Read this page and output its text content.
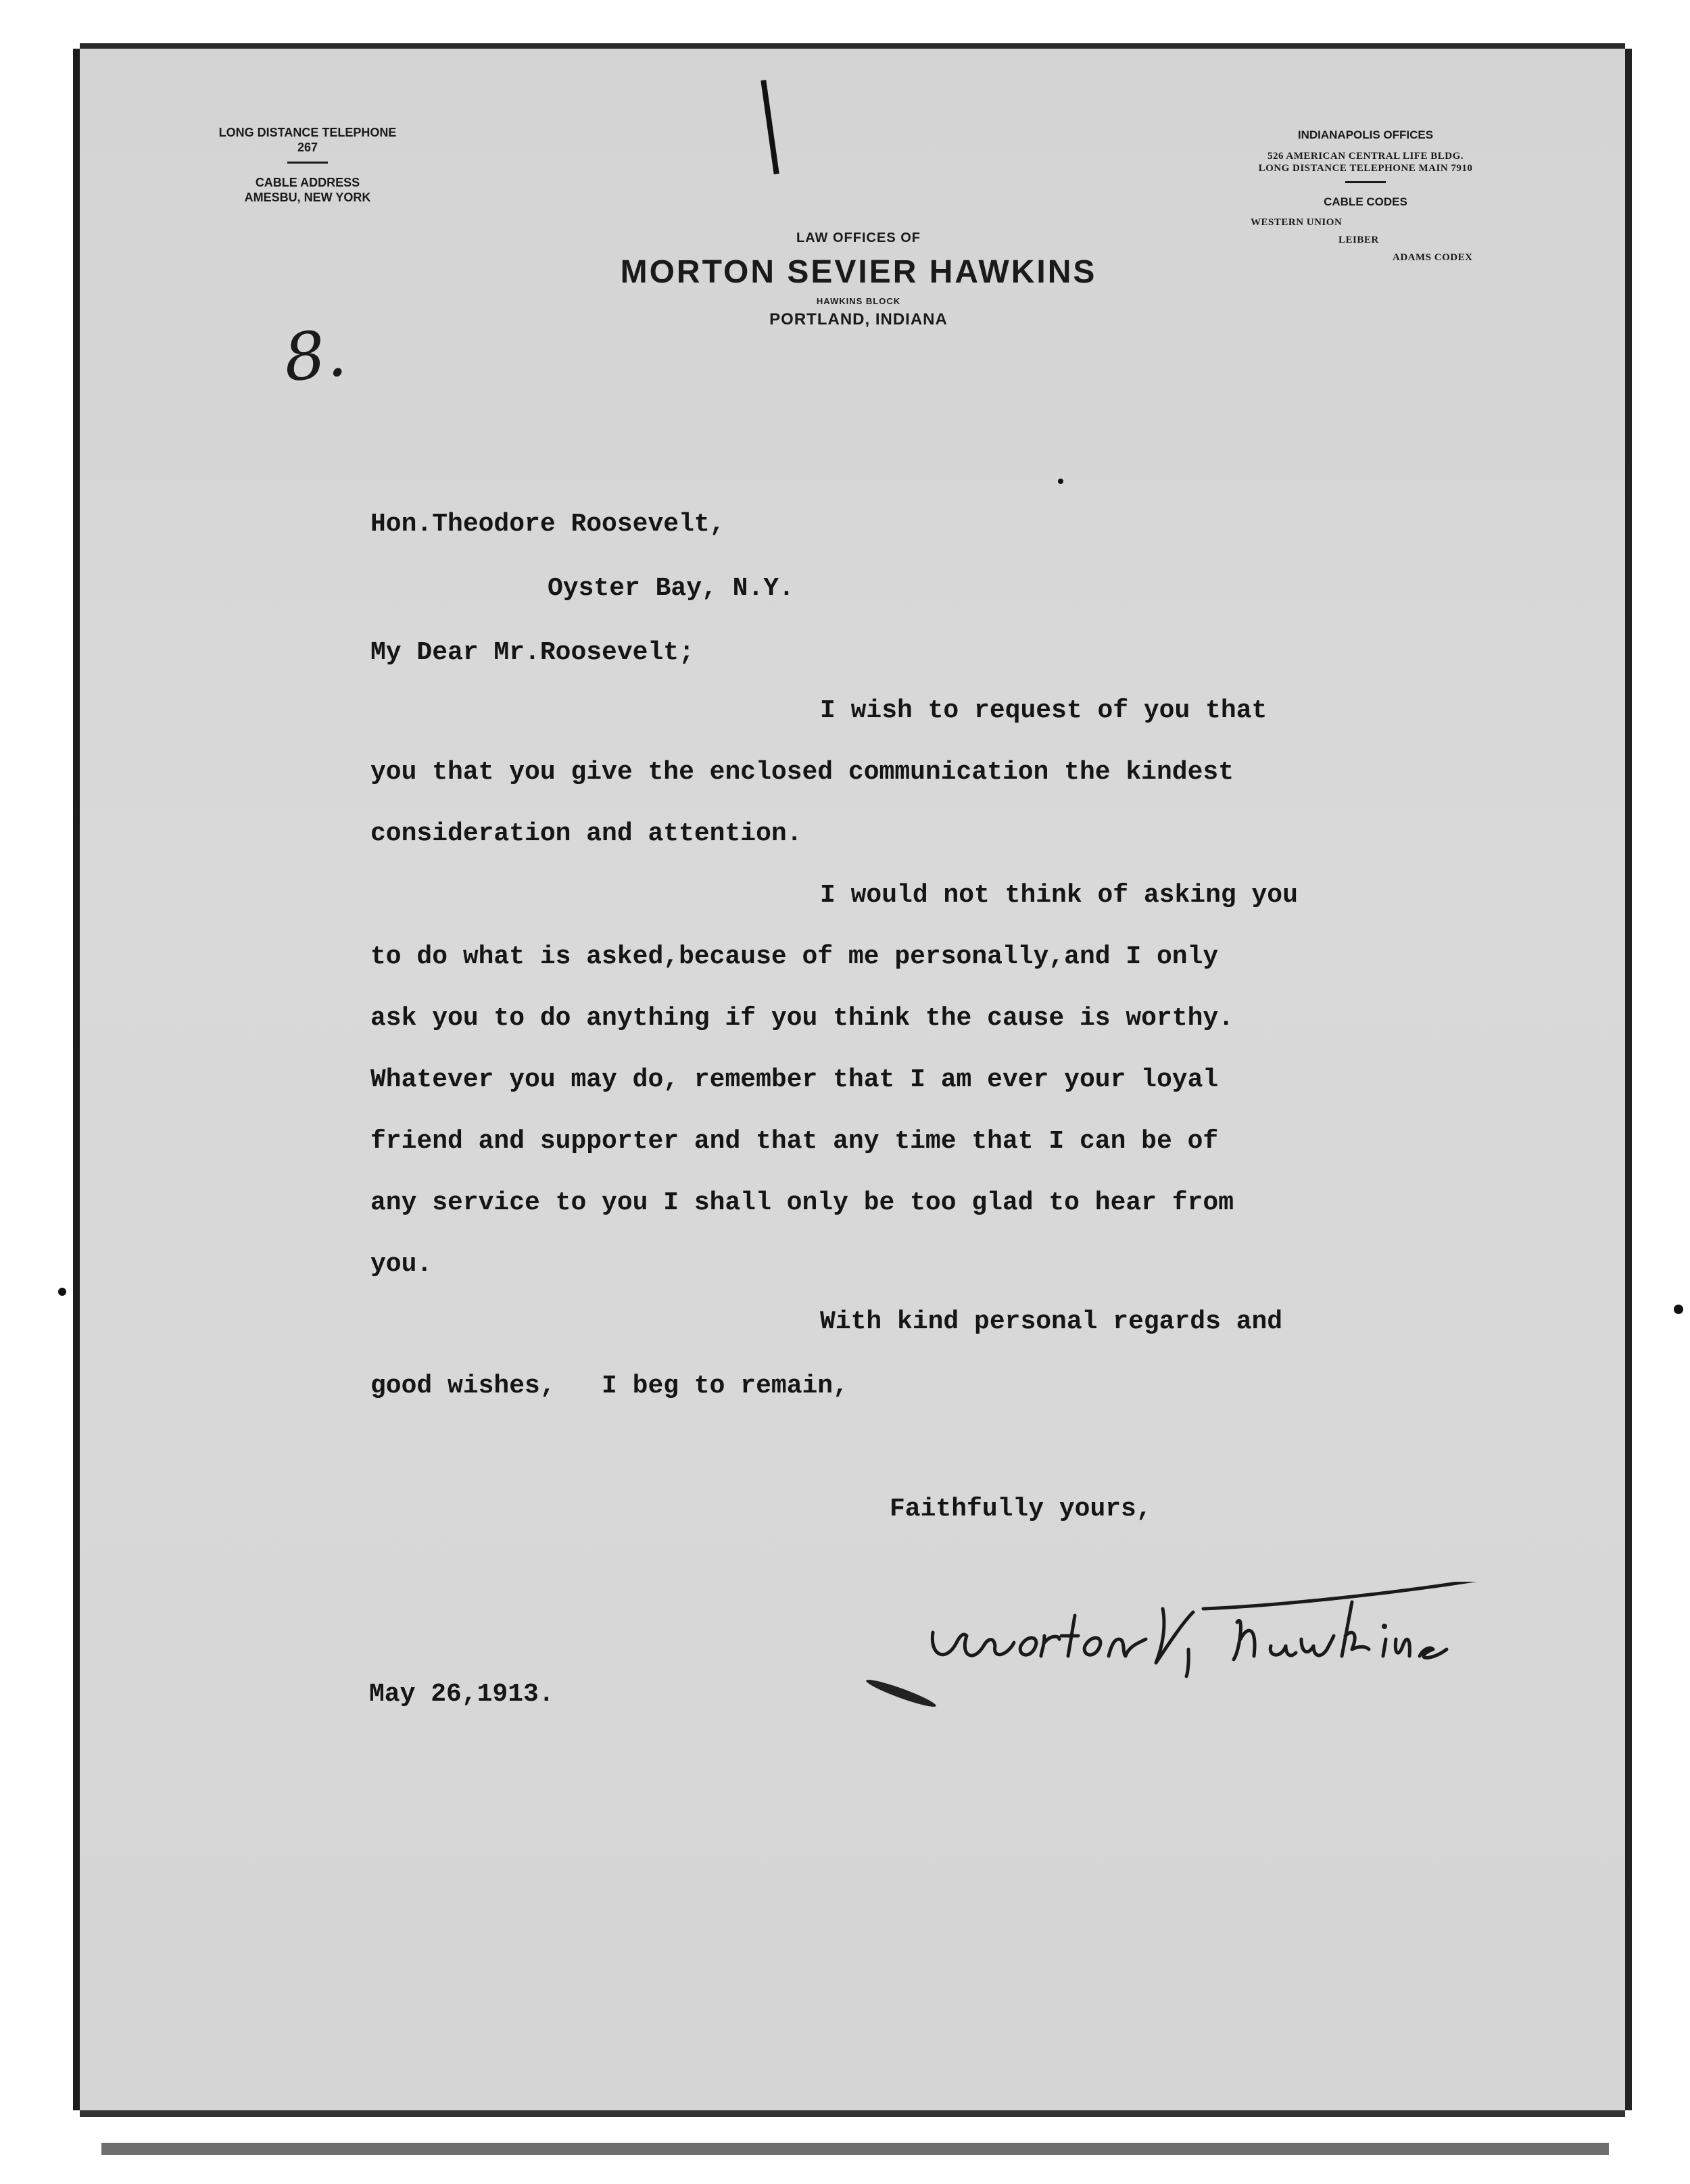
LONG DISTANCE TELEPHONE
267
CABLE ADDRESS
AMESBU, NEW YORK
LAW OFFICES OF
MORTON SEVIER HAWKINS
HAWKINS BLOCK
PORTLAND, INDIANA
INDIANAPOLIS OFFICES
526 AMERICAN CENTRAL LIFE BLDG.
LONG DISTANCE TELEPHONE MAIN 7910
CABLE CODES
WESTERN UNION
LEIBER
ADAMS CODEX
8.
Hon.Theodore Roosevelt,
Oyster Bay, N.Y.
My Dear Mr.Roosevelt;
I wish to request of you that
you that you give the enclosed communication the kindest
consideration and attention.
I would not think of asking you
to do what is asked,because of me personally,and I only
ask you to do anything if you think the cause is worthy.
Whatever you may do, remember that I am ever your loyal
friend and supporter and that any time that I can be of
any service to you I shall only be too glad to hear from
you.
With kind personal regards and
good wishes,   I beg to remain,
Faithfully yours,
May 26,1913.
